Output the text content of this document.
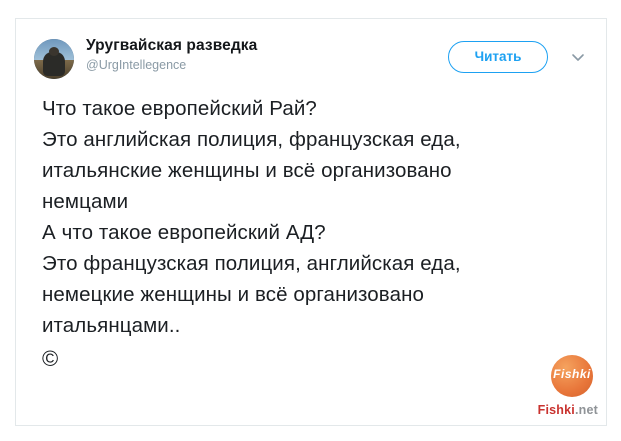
Уругвайская разведка
@UrgIntellegence
Читать
Что такое европейский Рай?
Это английская полиция, французская еда,
итальянские женщины и всё организовано
немцами
А что такое европейский АД?
Это французская полиция, английская еда,
немецкие женщины и всё организовано
итальянцами..
©
Fishki
Fishki.net
